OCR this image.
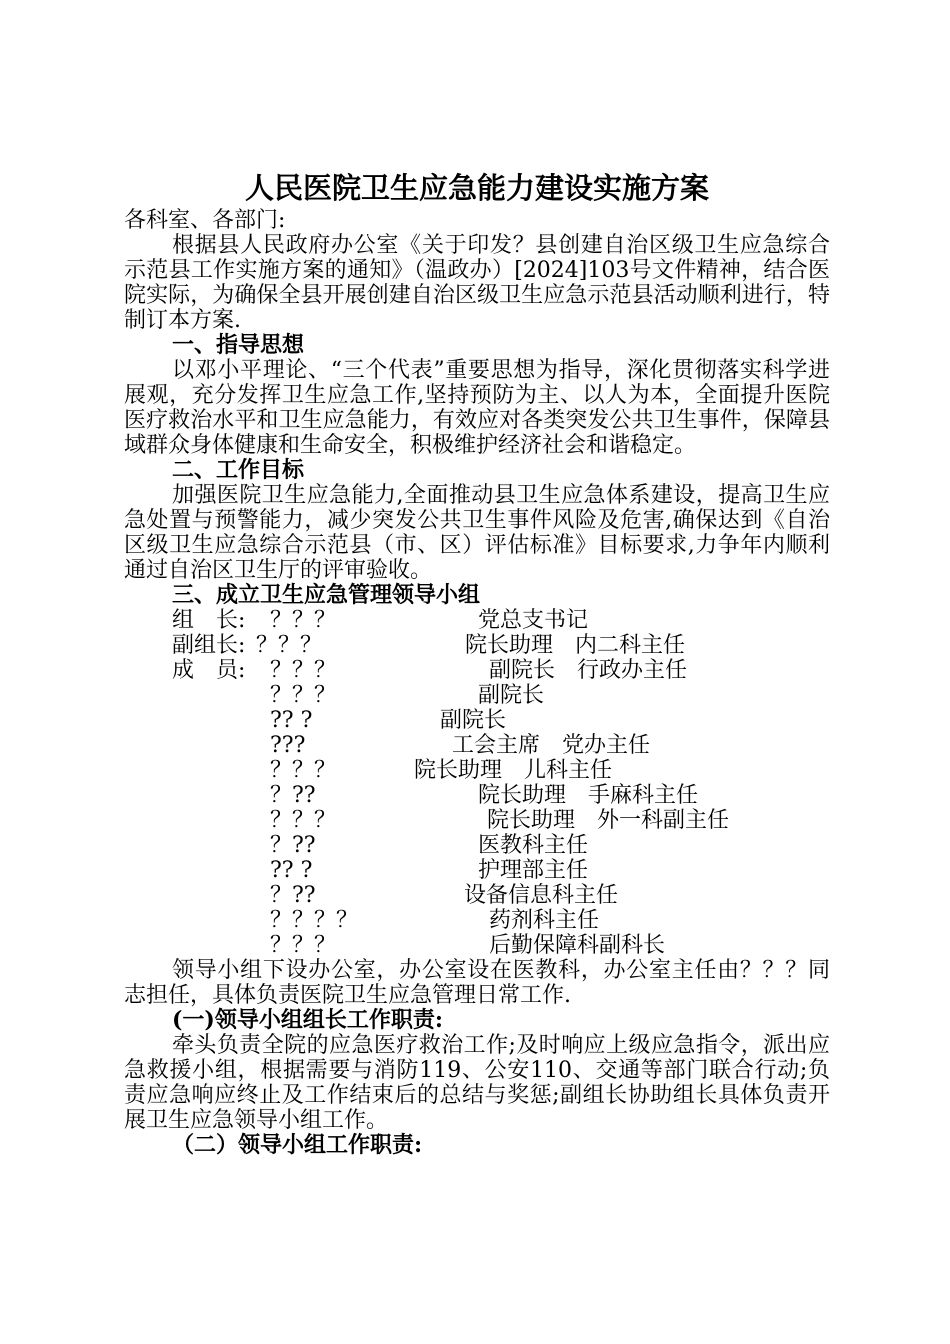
人民医院卫生应急能力建设实施方案
各科室、各部门:

根据县人民政府办公室《关于印发？县创建自治区级卫生应急综合示范县工作实施方案的通知》（温政办）[2024]103号文件精神，结合医院实际，为确保全县开展创建自治区级卫生应急示范县活动顺利进行，特制订本方案.

一、指导思想

以邓小平理论、“三个代表”重要思想为指导，深化贯彻落实科学进展观，充分发挥卫生应急工作,坚持预防为主、以人为本，全面提升医院医疗救治水平和卫生应急能力，有效应对各类突发公共卫生事件，保障县域群众身体健康和生命安全，积极维护经济社会和谐稳定。

二、工作目标

加强医院卫生应急能力,全面推动县卫生应急体系建设，提高卫生应急处置与预警能力，减少突发公共卫生事件风险及危害,确保达到《自治区级卫生应急综合示范县（市、区）评估标准》目标要求,力争年内顺利通过自治区卫生厅的评审验收。

三、成立卫生应急管理领导小组
组　长: ？？？	党总支书记
副组长: ？？？	院长助理　内二科主任
成　员: ？？？	副院长　行政办主任
？？？	副院长
?? ?	副院长
???	工会主席　党办主任
？？？	院长助理　儿科主任
？??	院长助理　手麻科主任
？？？	院长助理　外一科副主任
？??	医教科主任
?? ?	护理部主任
？??	设备信息科主任
？？？？	药剂科主任
？？？	后勤保障科副科长

领导小组下设办公室，办公室设在医教科，办公室主任由？？？同志担任，具体负责医院卫生应急管理日常工作.

(一)领导小组组长工作职责:

牵头负责全院的应急医疗救治工作;及时响应上级应急指令，派出应急救援小组，根据需要与消防119、公安110、交通等部门联合行动;负责应急响应终止及工作结束后的总结与奖惩;副组长协助组长具体负责开展卫生应急领导小组工作。

（二）领导小组工作职责:
